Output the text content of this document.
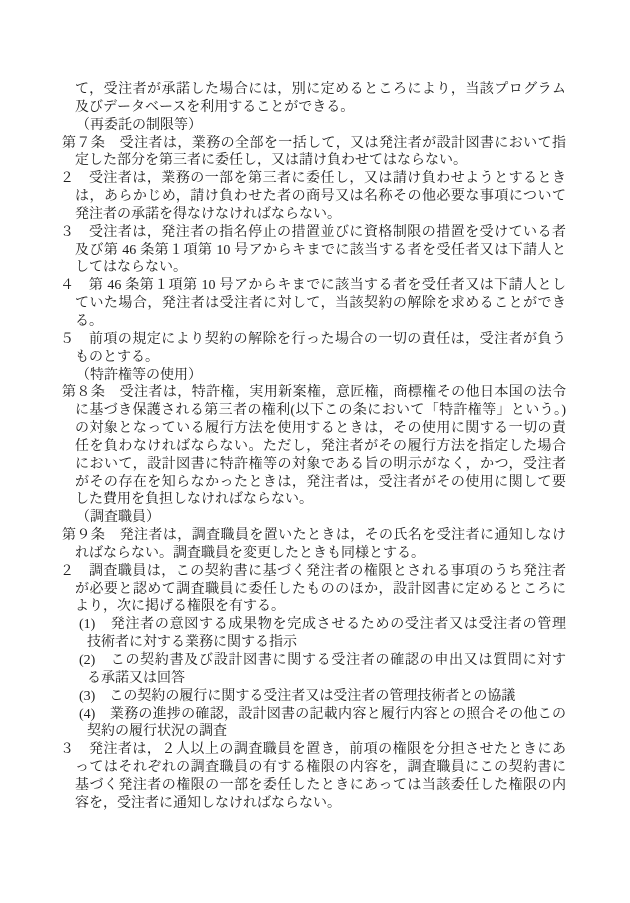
て，受注者が承諾した場合には，別に定めるところにより，当該プログラム
及びデータベースを利用することができる。
（再委託の制限等）
第７条　受注者は，業務の全部を一括して，又は発注者が設計図書において指
定した部分を第三者に委任し，又は請け負わせてはならない。
２　受注者は，業務の一部を第三者に委任し，又は請け負わせようとするとき
は，あらかじめ，請け負わせた者の商号又は名称その他必要な事項について
発注者の承諾を得なけなければならない。
３　受注者は，発注者の指名停止の措置並びに資格制限の措置を受けている者
及び第 46 条第１項第 10 号アからキまでに該当する者を受任者又は下請人と
してはならない。
４　第 46 条第１項第 10 号アからキまでに該当する者を受任者又は下請人とし
ていた場合，発注者は受注者に対して，当該契約の解除を求めることができ
る。
５　前項の規定により契約の解除を行った場合の一切の責任は，受注者が負う
ものとする。
（特許権等の使用）
第８条　受注者は，特許権，実用新案権，意匠権，商標権その他日本国の法令
に基づき保護される第三者の権利(以下この条において「特許権等」という。)
の対象となっている履行方法を使用するときは，その使用に関する一切の責
任を負わなければならない。ただし，発注者がその履行方法を指定した場合
において，設計図書に特許権等の対象である旨の明示がなく，かつ，受注者
がその存在を知らなかったときは，発注者は，受注者がその使用に関して要
した費用を負担しなければならない。
（調査職員）
第９条　発注者は，調査職員を置いたときは，その氏名を受注者に通知しなけ
ればならない。調査職員を変更したときも同様とする。
２　調査職員は，この契約書に基づく発注者の権限とされる事項のうち発注者
が必要と認めて調査職員に委任したもののほか，設計図書に定めるところに
より，次に掲げる権限を有する。
(1)　発注者の意図する成果物を完成させるための受注者又は受注者の管理
技術者に対する業務に関する指示
(2)　この契約書及び設計図書に関する受注者の確認の申出又は質問に対す
る承諾又は回答
(3)　この契約の履行に関する受注者又は受注者の管理技術者との協議
(4)　業務の進捗の確認，設計図書の記載内容と履行内容との照合その他この
契約の履行状況の調査
３　発注者は，２人以上の調査職員を置き，前項の権限を分担させたときにあ
ってはそれぞれの調査職員の有する権限の内容を，調査職員にこの契約書に
基づく発注者の権限の一部を委任したときにあっては当該委任した権限の内
容を，受注者に通知しなければならない。
